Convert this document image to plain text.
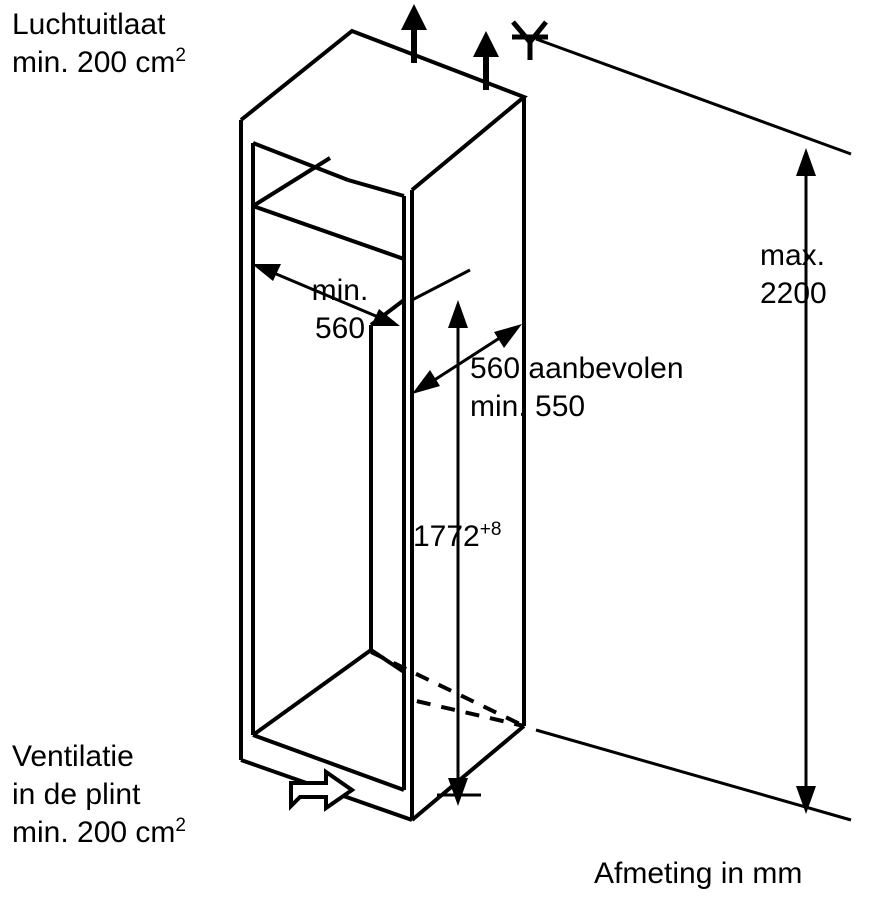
Luchtuitlaat
min. 200 $cm^2$
min.
560
560 aanbevolen
min. 550
$1772^{+8}$
max.
2200
Ventilatie
in de plint
min. 200 $cm^2$
Afmeting in mm
